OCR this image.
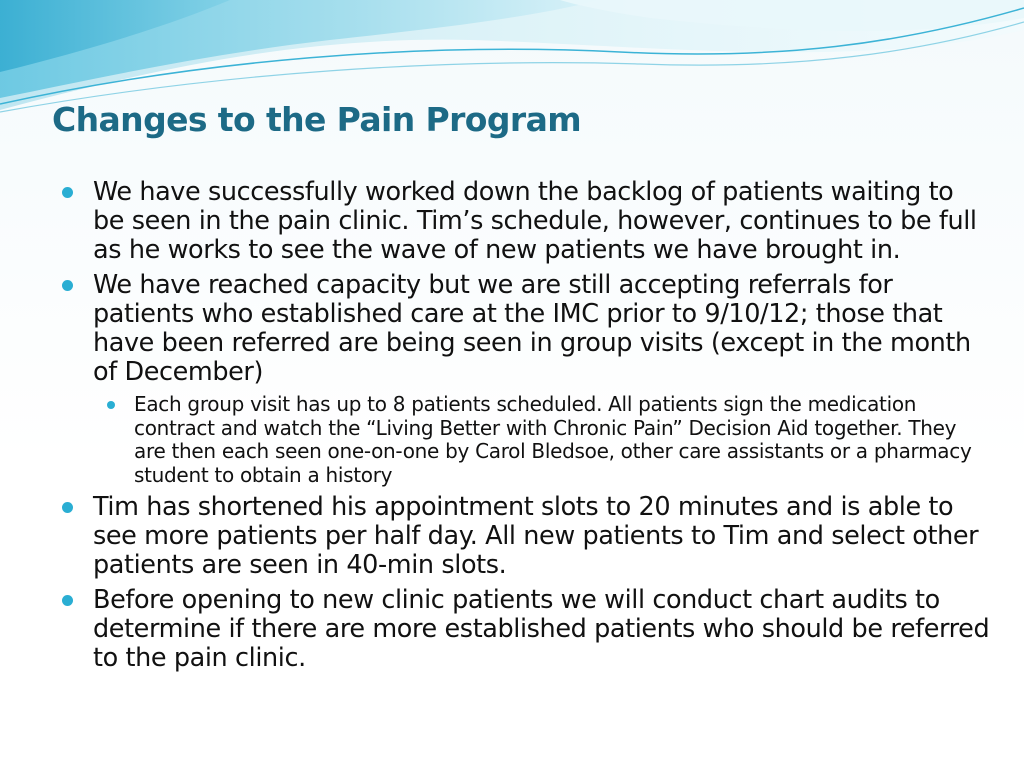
Changes to the Pain Program
We have successfully worked down the backlog of patients waiting to be seen in the pain clinic. Tim’s schedule, however, continues to be full as he works to see the wave of new patients we have brought in.
We have reached capacity but we are still accepting referrals for patients who established care at the IMC prior to 9/10/12; those that have been referred are being seen in group visits (except in the month of December)
Each group visit has up to 8 patients scheduled. All patients sign the medication contract and watch the “Living Better with Chronic Pain” Decision Aid together. They are then each seen one-on-one by Carol Bledsoe, other care assistants or a pharmacy student to obtain a history
Tim has shortened his appointment slots to 20 minutes and is able to see more patients per half day. All new patients to Tim and select other patients are seen in 40-min slots.
Before opening to new clinic patients we will conduct chart audits to determine if there are more established patients who should be referred to the pain clinic.
